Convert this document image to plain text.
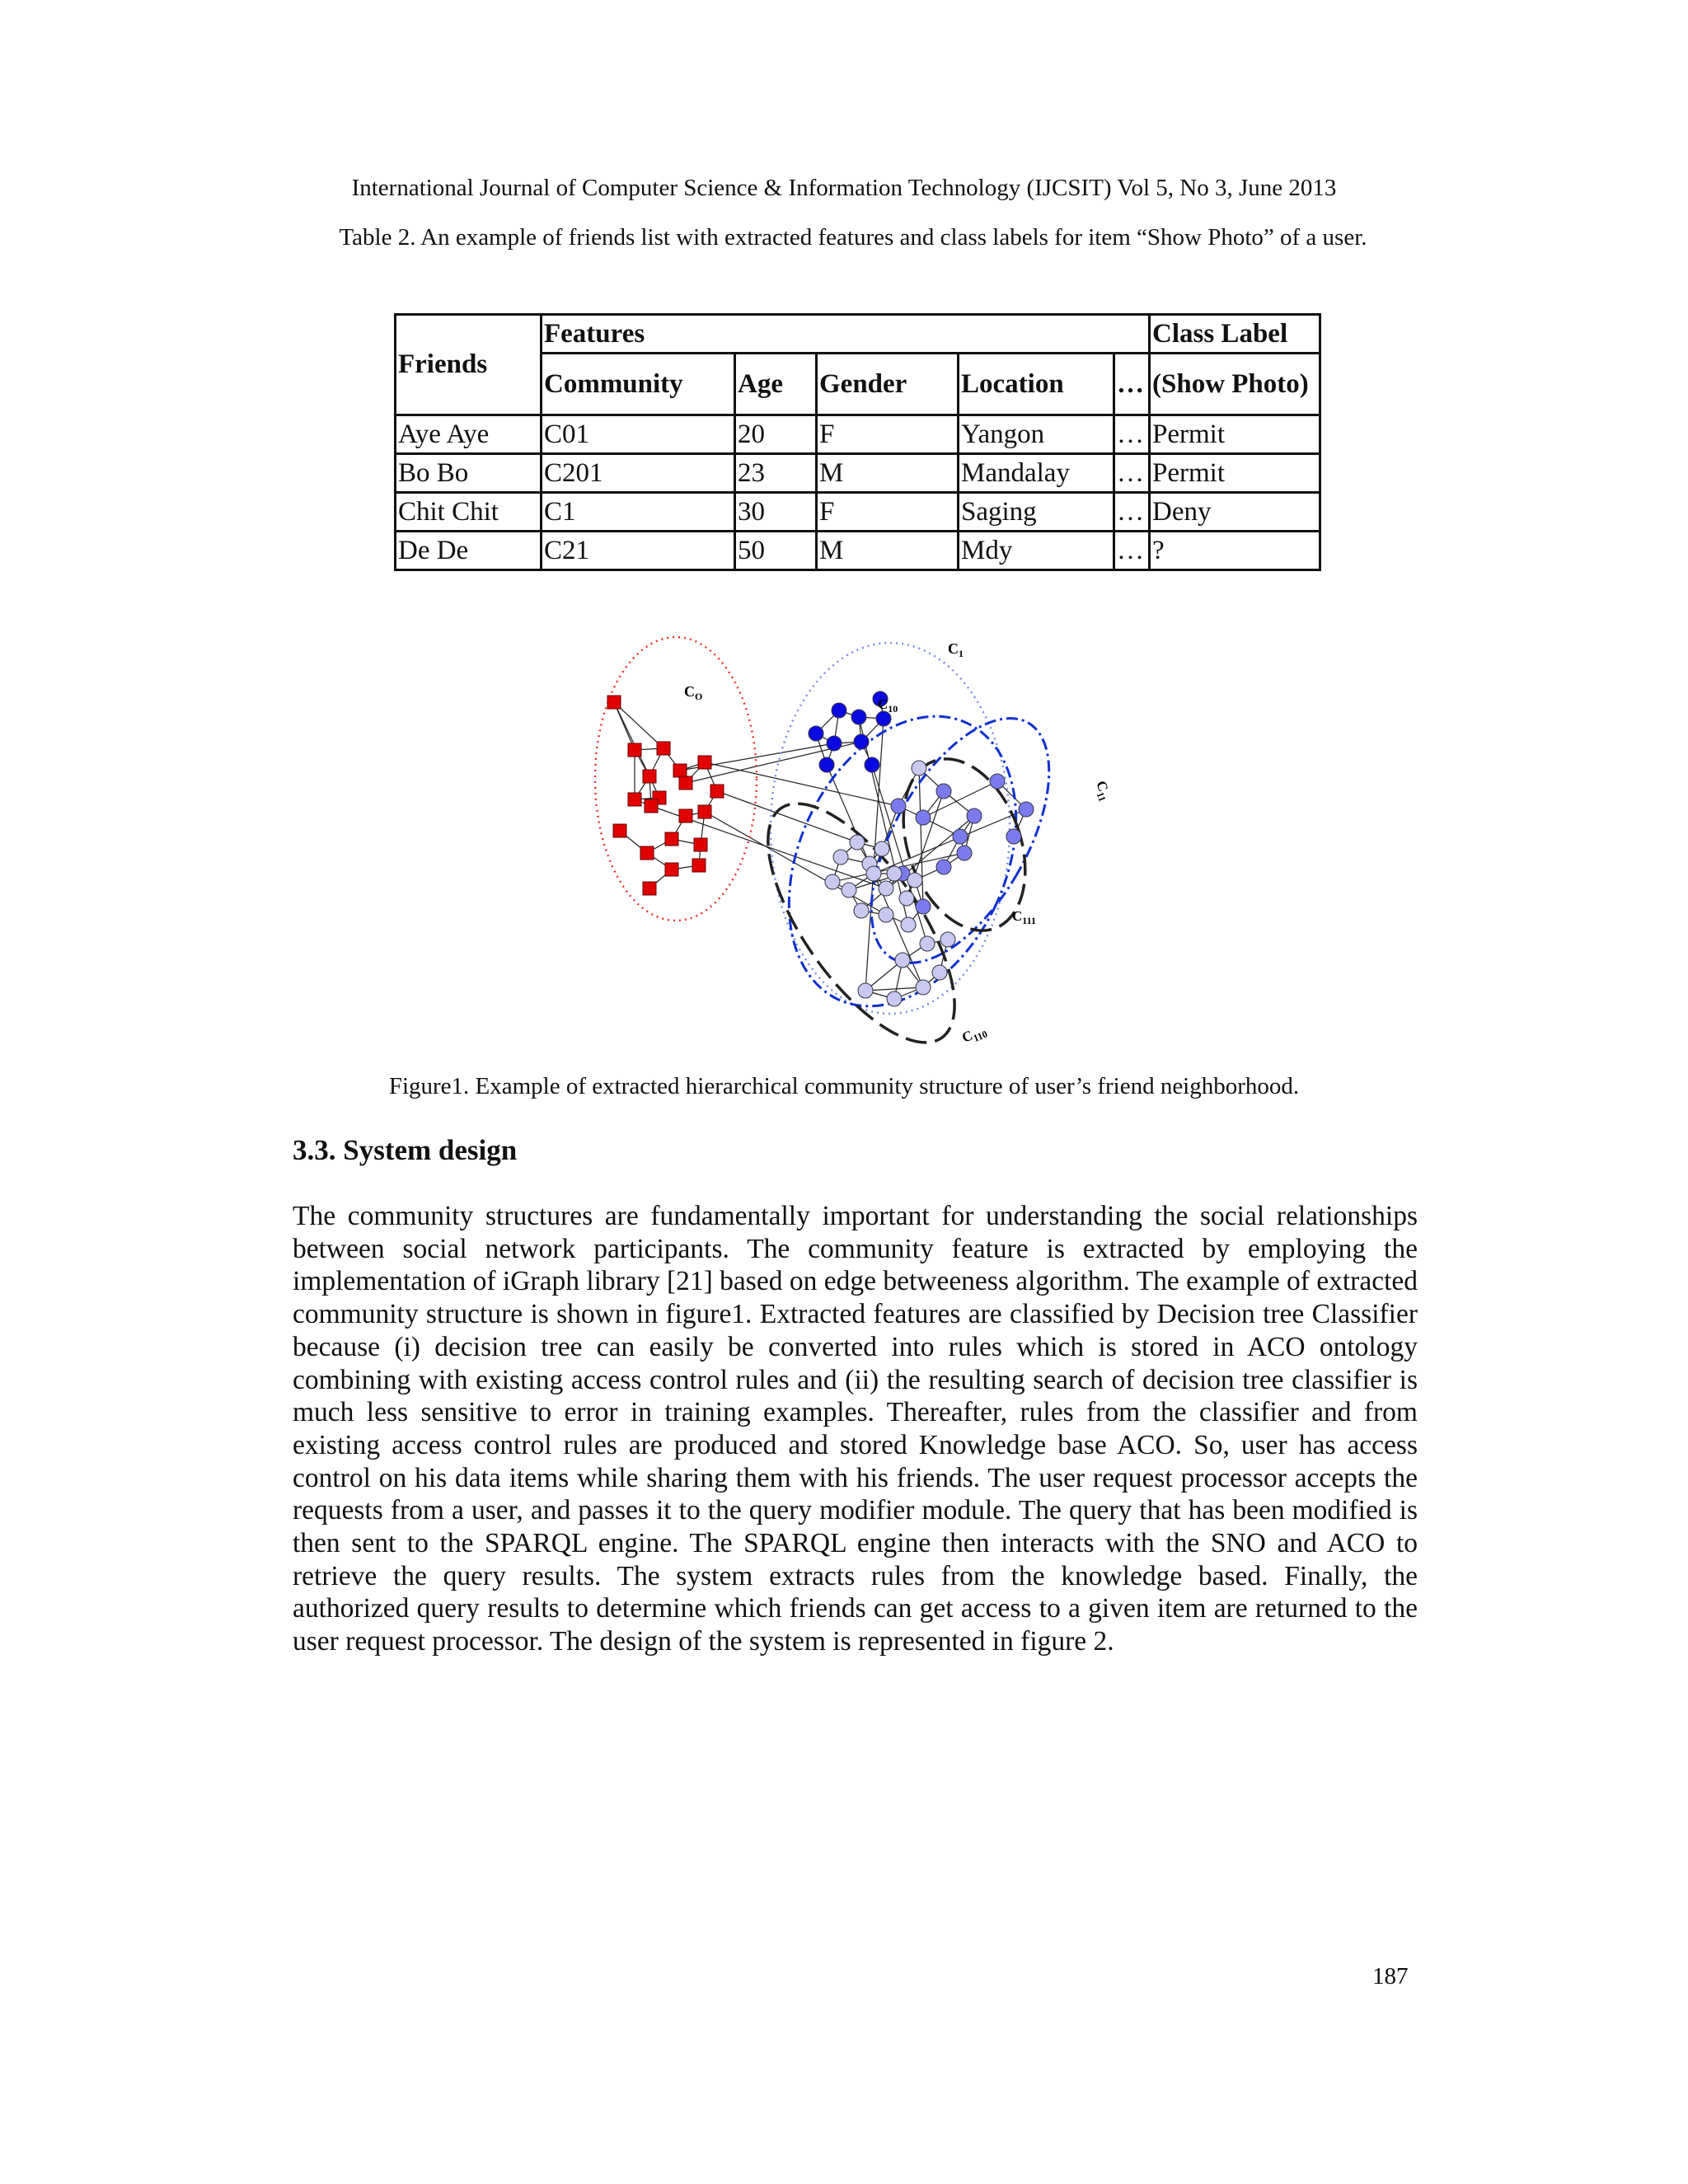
International Journal of Computer Science & Information Technology (IJCSIT) Vol 5, No 3, June 2013
Table 2. An example of friends list with extracted features and class labels for item “Show Photo” of a user.
Friends	Features					Class Label
	Community	Age	Gender	Location	…	(Show Photo)
Aye Aye	C01	20	F	Yangon	…	Permit
Bo Bo	C201	23	M	Mandalay	…	Permit
Chit Chit	C1	30	F	Saging	…	Deny
De De	C21	50	M	Mdy	…	?
$C_O$
$C_1$
$C_{10}$
$C_{11}$
$C_{111}$
$C_{110}$
Figure1. Example of extracted hierarchical community structure of user’s friend neighborhood.
3.3. System design
The community structures are fundamentally important for understanding the social relationships between social network participants. The community feature is extracted by employing the implementation of iGraph library [21] based on edge betweeness algorithm. The example of extracted community structure is shown in figure1. Extracted features are classified by Decision tree Classifier because (i) decision tree can easily be converted into rules which is stored in ACO ontology combining with existing access control rules and (ii) the resulting search of decision tree classifier is much less sensitive to error in training examples. Thereafter, rules from the classifier and from existing access control rules are produced and stored Knowledge base ACO. So, user has access control on his data items while sharing them with his friends. The user request processor accepts the requests from a user, and passes it to the query modifier module. The query that has been modified is then sent to the SPARQL engine. The SPARQL engine then interacts with the SNO and ACO to retrieve the query results. The system extracts rules from the knowledge based. Finally, the authorized query results to determine which friends can get access to a given item are returned to the user request processor. The design of the system is represented in figure 2.
187
